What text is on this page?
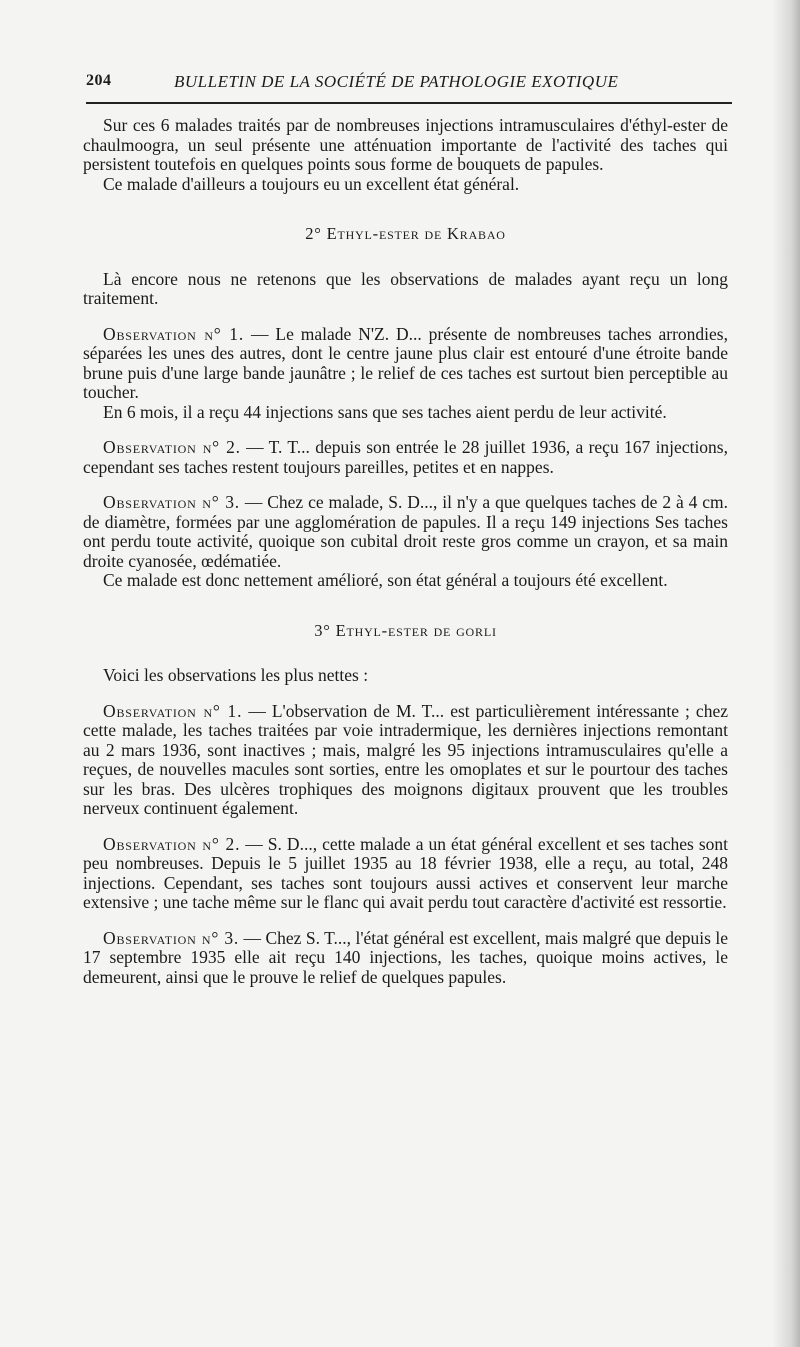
204	BULLETIN DE LA SOCIÉTÉ DE PATHOLOGIE EXOTIQUE

Sur ces 6 malades traités par de nombreuses injections intramusculaires d'éthyl-ester de chaulmoogra, un seul présente une atténuation importante de l'activité des taches qui persistent toutefois en quelques points sous forme de bouquets de papules.

Ce malade d'ailleurs a toujours eu un excellent état général.

2° Ethyl-ester de Krabao

Là encore nous ne retenons que les observations de malades ayant reçu un long traitement.

Observation n° 1. — Le malade N'Z. D... présente de nombreuses taches arrondies, séparées les unes des autres, dont le centre jaune plus clair est entouré d'une étroite bande brune puis d'une large bande jaunâtre ; le relief de ces taches est surtout bien perceptible au toucher.

En 6 mois, il a reçu 44 injections sans que ses taches aient perdu de leur activité.

Observation n° 2. — T. T... depuis son entrée le 28 juillet 1936, a reçu 167 injections, cependant ses taches restent toujours pareilles, petites et en nappes.

Observation n° 3. — Chez ce malade, S. D..., il n'y a que quelques taches de 2 à 4 cm. de diamètre, formées par une agglomération de papules. Il a reçu 149 injections Ses taches ont perdu toute activité, quoique son cubital droit reste gros comme un crayon, et sa main droite cyanosée, œdématiée.

Ce malade est donc nettement amélioré, son état général a toujours été excellent.

3° Ethyl-ester de gorli

Voici les observations les plus nettes :

Observation n° 1. — L'observation de M. T... est particulièrement intéressante ; chez cette malade, les taches traitées par voie intradermique, les dernières injections remontant au 2 mars 1936, sont inactives ; mais, malgré les 95 injections intramusculaires qu'elle a reçues, de nouvelles macules sont sorties, entre les omoplates et sur le pourtour des taches sur les bras. Des ulcères trophiques des moignons digitaux prouvent que les troubles nerveux continuent également.

Observation n° 2. — S. D..., cette malade a un état général excellent et ses taches sont peu nombreuses. Depuis le 5 juillet 1935 au 18 février 1938, elle a reçu, au total, 248 injections. Cependant, ses taches sont toujours aussi actives et conservent leur marche extensive ; une tache même sur le flanc qui avait perdu tout caractère d'activité est ressortie.

Observation n° 3. — Chez S. T..., l'état général est excellent, mais malgré que depuis le 17 septembre 1935 elle ait reçu 140 injections, les taches, quoique moins actives, le demeurent, ainsi que le prouve le relief de quelques papules.
